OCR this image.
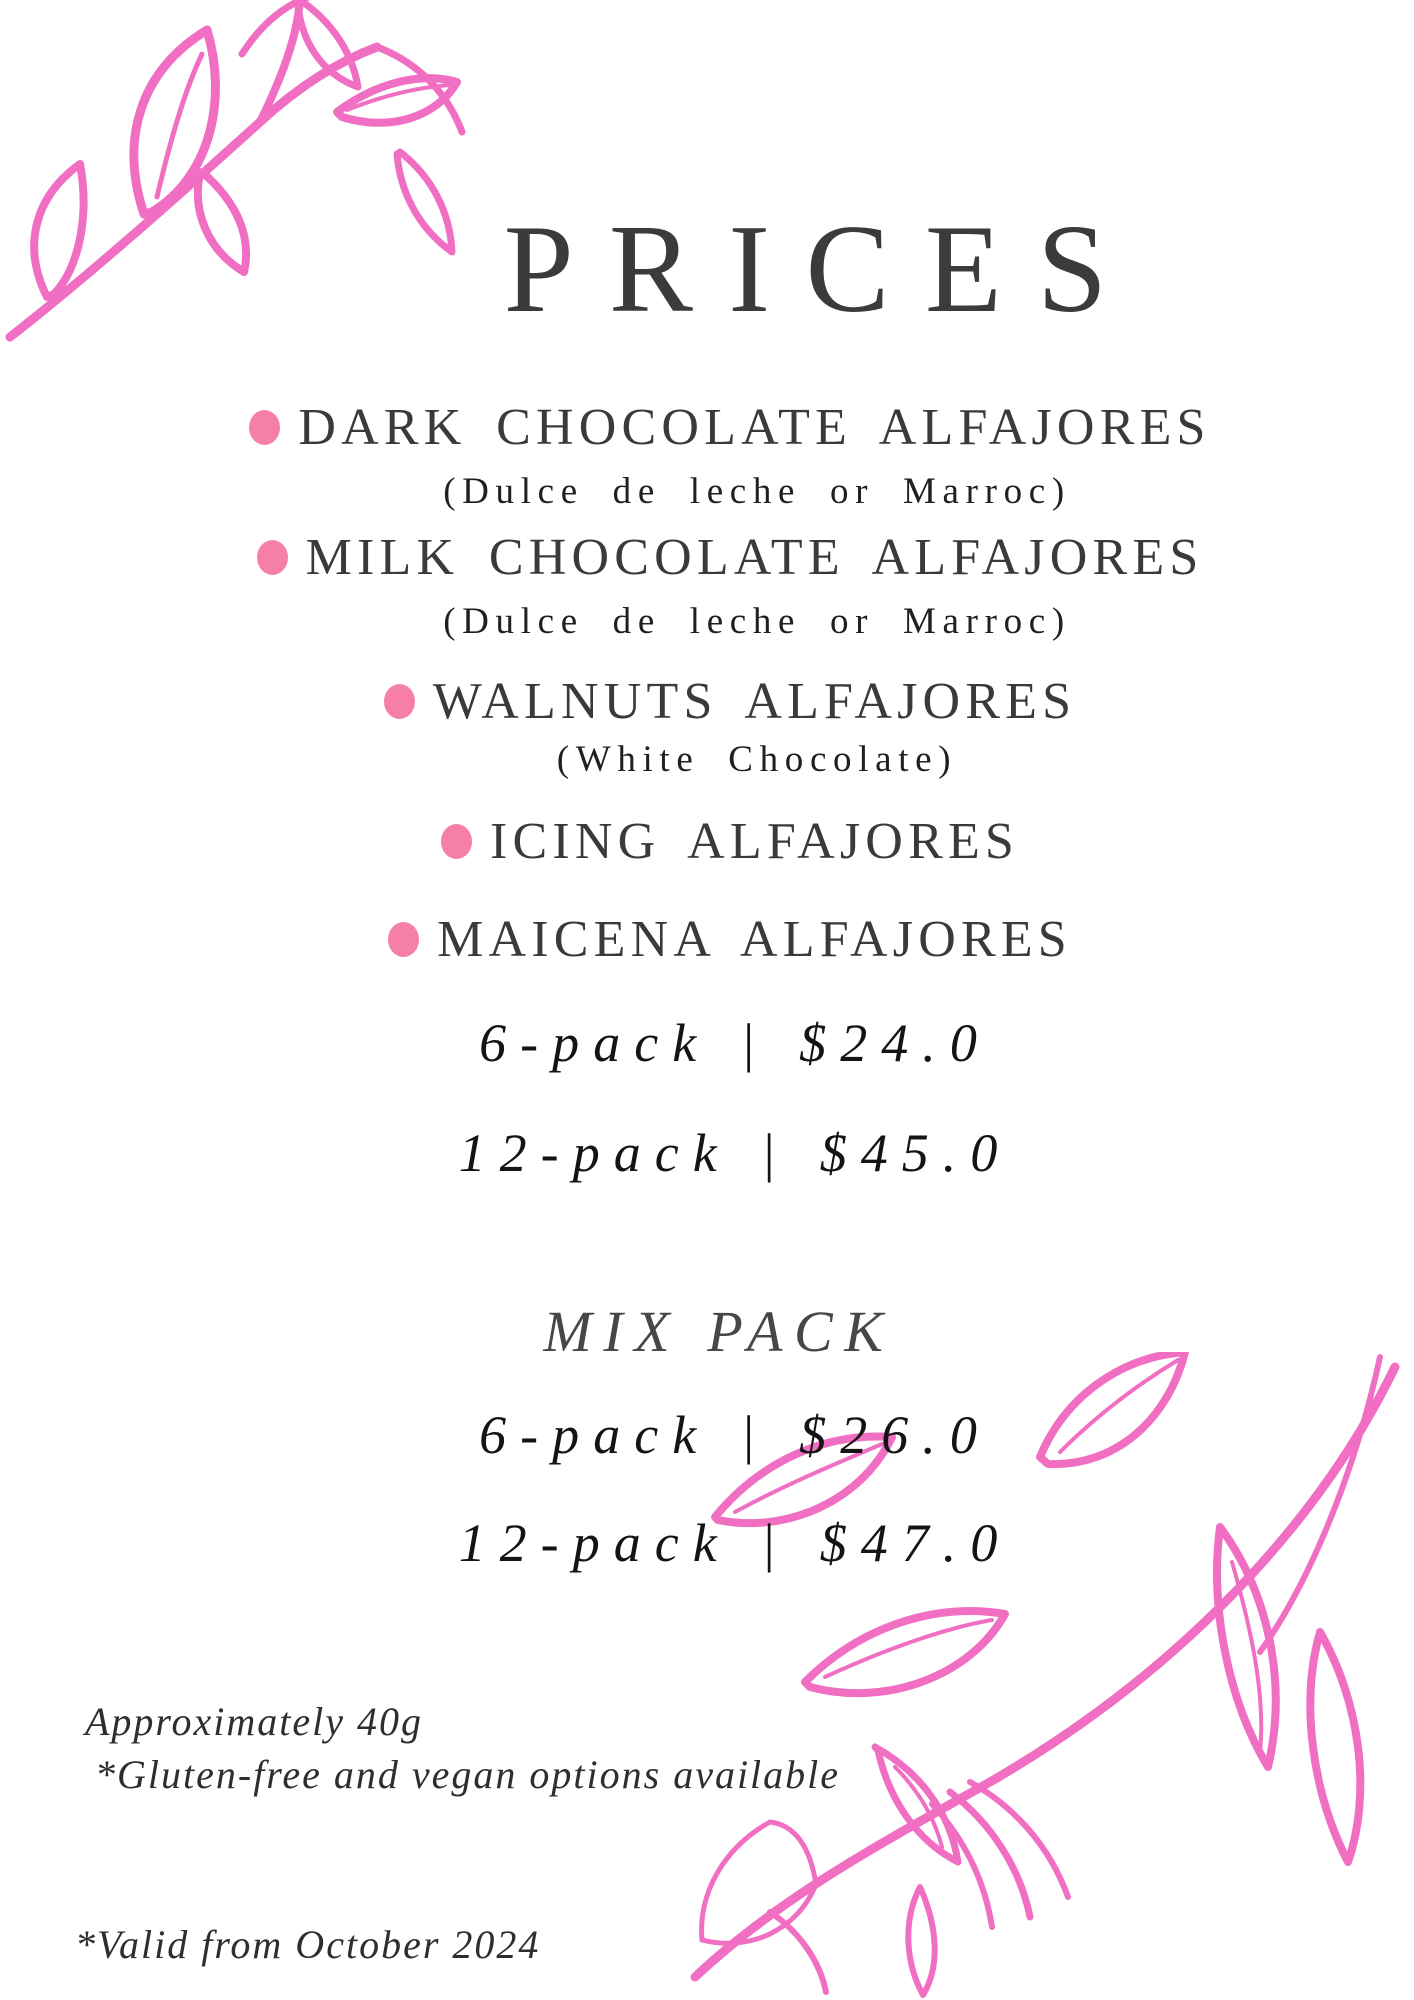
PRICES
DARK CHOCOLATE ALFAJORES
(Dulce de leche or Marroc)
MILK CHOCOLATE ALFAJORES
(Dulce de leche or Marroc)
WALNUTS ALFAJORES
(White Chocolate)
ICING ALFAJORES
MAICENA ALFAJORES
6-pack | $24.0
12-pack | $45.0
MIX PACK
6-pack | $26.0
12-pack | $47.0
Approximately 40g
*Gluten-free and vegan options available
*Valid from October 2024
